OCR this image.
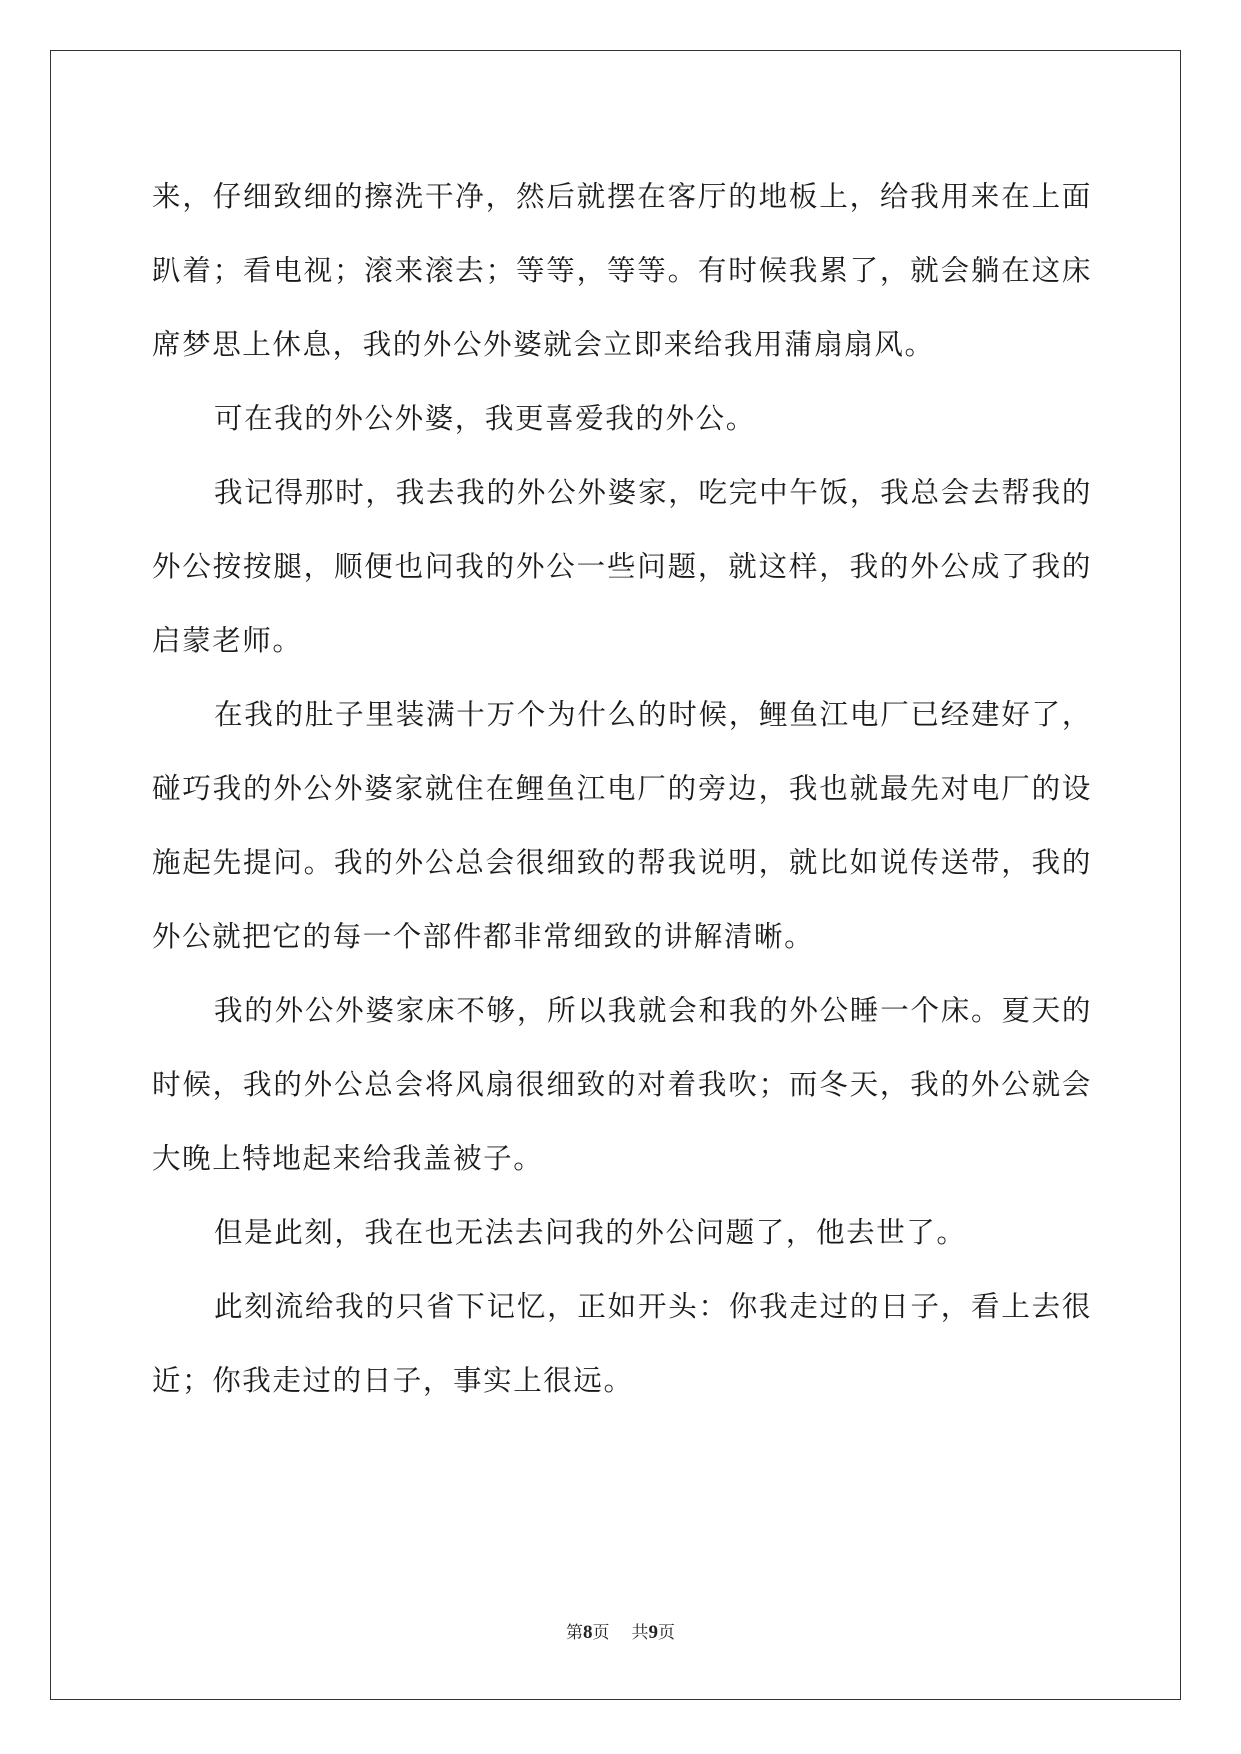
来，仔细致细的擦洗干净，然后就摆在客厅的地板上，给我用来在上面趴着；看电视；滚来滚去；等等，等等。有时候我累了，就会躺在这床席梦思上休息，我的外公外婆就会立即来给我用蒲扇扇风。

可在我的外公外婆，我更喜爱我的外公。

我记得那时，我去我的外公外婆家，吃完中午饭，我总会去帮我的外公按按腿，顺便也问我的外公一些问题，就这样，我的外公成了我的启蒙老师。

在我的肚子里装满十万个为什么的时候，鲤鱼江电厂已经建好了，碰巧我的外公外婆家就住在鲤鱼江电厂的旁边，我也就最先对电厂的设施起先提问。我的外公总会很细致的帮我说明，就比如说传送带，我的外公就把它的每一个部件都非常细致的讲解清晰。

我的外公外婆家床不够，所以我就会和我的外公睡一个床。夏天的时候，我的外公总会将风扇很细致的对着我吹；而冬天，我的外公就会大晚上特地起来给我盖被子。

但是此刻，我在也无法去问我的外公问题了，他去世了。

此刻流给我的只省下记忆，正如开头：你我走过的日子，看上去很近；你我走过的日子，事实上很远。

第8页 共9页
